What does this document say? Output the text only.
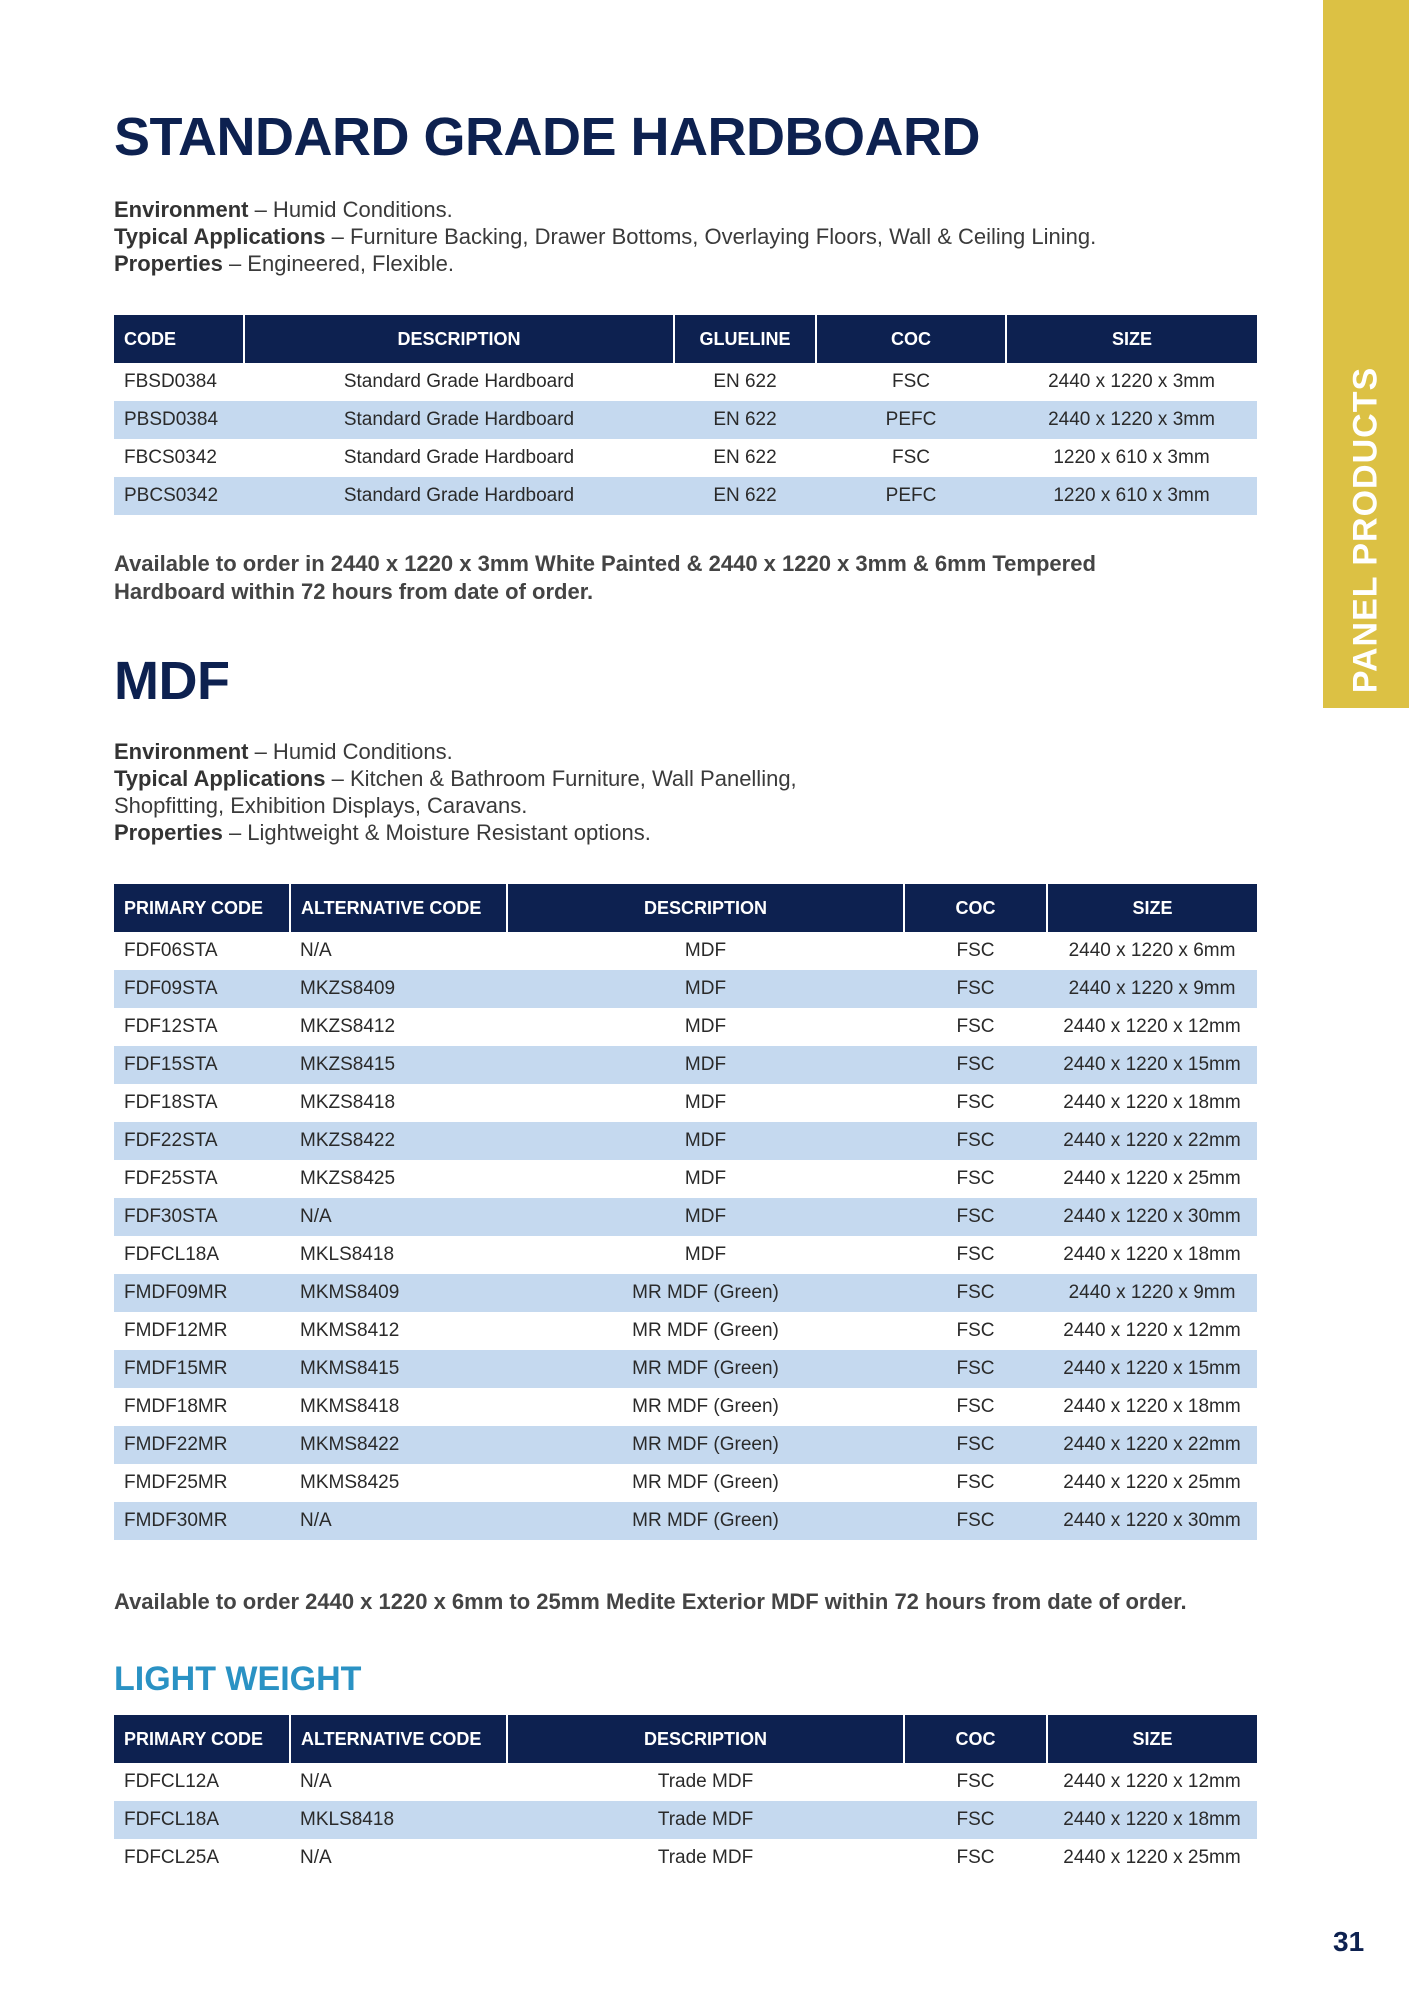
PANEL PRODUCTS
STANDARD GRADE HARDBOARD
Environment – Humid Conditions.
Typical Applications – Furniture Backing, Drawer Bottoms, Overlaying Floors, Wall & Ceiling Lining.
Properties – Engineered, Flexible.
CODE	DESCRIPTION	GLUELINE	COC	SIZE
FBSD0384	Standard Grade Hardboard	EN 622	FSC	2440 x 1220 x 3mm
PBSD0384	Standard Grade Hardboard	EN 622	PEFC	2440 x 1220 x 3mm
FBCS0342	Standard Grade Hardboard	EN 622	FSC	1220 x 610 x 3mm
PBCS0342	Standard Grade Hardboard	EN 622	PEFC	1220 x 610 x 3mm
Available to order in 2440 x 1220 x 3mm White Painted & 2440 x 1220 x 3mm & 6mm Tempered Hardboard within 72 hours from date of order.
MDF
Environment – Humid Conditions.
Typical Applications – Kitchen & Bathroom Furniture, Wall Panelling,
Shopfitting, Exhibition Displays, Caravans.
Properties – Lightweight & Moisture Resistant options.
PRIMARY CODE	ALTERNATIVE CODE	DESCRIPTION	COC	SIZE
FDF06STA	N/A	MDF	FSC	2440 x 1220 x 6mm
FDF09STA	MKZS8409	MDF	FSC	2440 x 1220 x 9mm
FDF12STA	MKZS8412	MDF	FSC	2440 x 1220 x 12mm
FDF15STA	MKZS8415	MDF	FSC	2440 x 1220 x 15mm
FDF18STA	MKZS8418	MDF	FSC	2440 x 1220 x 18mm
FDF22STA	MKZS8422	MDF	FSC	2440 x 1220 x 22mm
FDF25STA	MKZS8425	MDF	FSC	2440 x 1220 x 25mm
FDF30STA	N/A	MDF	FSC	2440 x 1220 x 30mm
FDFCL18A	MKLS8418	MDF	FSC	2440 x 1220 x 18mm
FMDF09MR	MKMS8409	MR MDF (Green)	FSC	2440 x 1220 x 9mm
FMDF12MR	MKMS8412	MR MDF (Green)	FSC	2440 x 1220 x 12mm
FMDF15MR	MKMS8415	MR MDF (Green)	FSC	2440 x 1220 x 15mm
FMDF18MR	MKMS8418	MR MDF (Green)	FSC	2440 x 1220 x 18mm
FMDF22MR	MKMS8422	MR MDF (Green)	FSC	2440 x 1220 x 22mm
FMDF25MR	MKMS8425	MR MDF (Green)	FSC	2440 x 1220 x 25mm
FMDF30MR	N/A	MR MDF (Green)	FSC	2440 x 1220 x 30mm
Available to order 2440 x 1220 x 6mm to 25mm Medite Exterior MDF within 72 hours from date of order.
LIGHT WEIGHT
PRIMARY CODE	ALTERNATIVE CODE	DESCRIPTION	COC	SIZE
FDFCL12A	N/A	Trade MDF	FSC	2440 x 1220 x 12mm
FDFCL18A	MKLS8418	Trade MDF	FSC	2440 x 1220 x 18mm
FDFCL25A	N/A	Trade MDF	FSC	2440 x 1220 x 25mm
31
